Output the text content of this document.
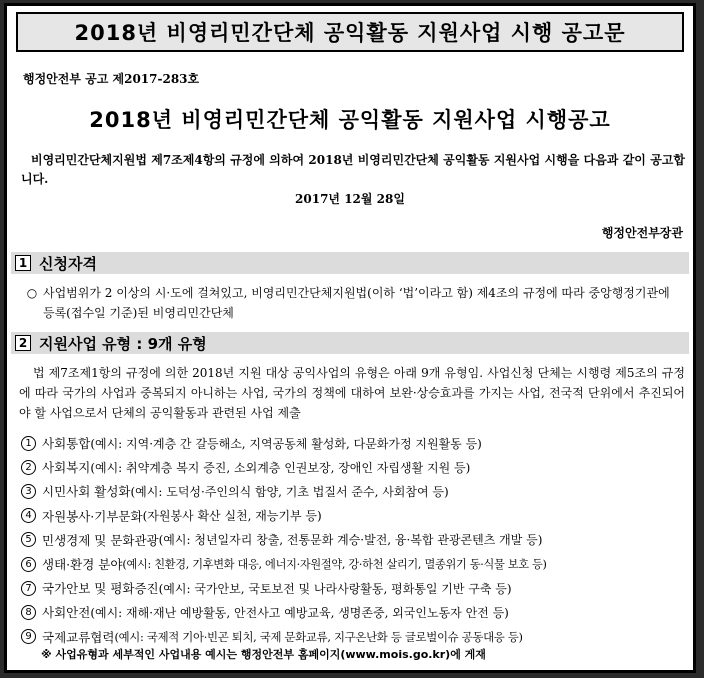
2018년 비영리민간단체 공익활동 지원사업 시행 공고문
행정안전부 공고 제2017-283호
2018년 비영리민간단체 공익활동 지원사업 시행공고
비영리민간단체지원법 제7조제4항의 규정에 의하여 2018년 비영리민간단체 공익활동 지원사업 시행을 다음과 같이 공고합니다.
2017년 12월 28일
행정안전부장관
1 신청자격
○ 사업범위가 2 이상의 시·도에 걸쳐있고, 비영리민간단체지원법(이하 ‘법’이라고 함) 제4조의 규정에 따라 중앙행정기관에 등록(접수일 기준)된 비영리민간단체
2 지원사업 유형 : 9개 유형
법 제7조제1항의 규정에 의한 2018년 지원 대상 공익사업의 유형은 아래 9개 유형임. 사업신청 단체는 시행령 제5조의 규정에 따라 국가의 사업과 중복되지 아니하는 사업, 국가의 정책에 대하여 보완·상승효과를 가지는 사업, 전국적 단위에서 추진되어야 할 사업으로서 단체의 공익활동과 관련된 사업 제출
1 사회통합 (예시: 지역·계층 간 갈등해소, 지역공동체 활성화, 다문화가정 지원활동 등)
2 사회복지 (예시: 취약계층 복지 증진, 소외계층 인권보장, 장애인 자립생활 지원 등)
3 시민사회 활성화 (예시: 도덕성·주인의식 함양, 기초 법질서 준수, 사회참여 등)
4 자원봉사·기부문화 (자원봉사 확산 실천, 재능기부 등)
5 민생경제 및 문화관광 (예시: 청년일자리 창출, 전통문화 계승·발전, 융·복합 관광콘텐츠 개발 등)
6 생태·환경 분야 (예시: 친환경, 기후변화 대응, 에너지·자원절약, 강·하천 살리기, 멸종위기 동·식물 보호 등)
7 국가안보 및 평화증진 (예시: 국가안보, 국토보전 및 나라사랑활동, 평화통일 기반 구축 등)
8 사회안전 (예시: 재해·재난 예방활동, 안전사고 예방교육, 생명존중, 외국인노동자 안전 등)
9 국제교류협력 (예시: 국제적 기아·빈곤 퇴치, 국제 문화교류, 지구온난화 등 글로벌이슈 공동대응 등)
※ 사업유형과 세부적인 사업내용 예시는 행정안전부 홈페이지(www.mois.go.kr)에 게재
